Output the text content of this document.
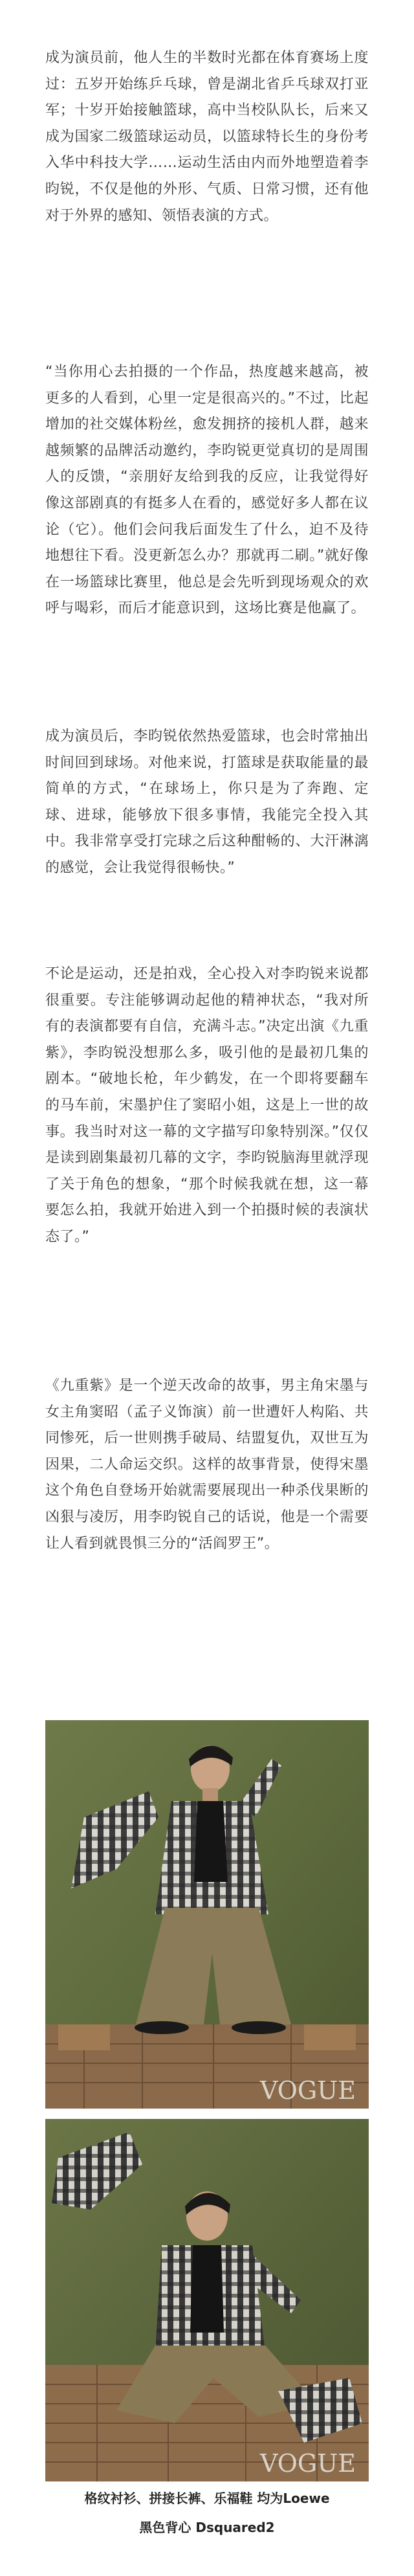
成为演员前，他人生的半数时光都在体育赛场上度过：五岁开始练乒乓球，曾是湖北省乒乓球双打亚军；十岁开始接触篮球，高中当校队队长，后来又成为国家二级篮球运动员，以篮球特长生的身份考入华中科技大学……运动生活由内而外地塑造着李昀锐，不仅是他的外形、气质、日常习惯，还有他对于外界的感知、领悟表演的方式。

“当你用心去拍摄的一个作品，热度越来越高，被更多的人看到，心里一定是很高兴的。”不过，比起增加的社交媒体粉丝，愈发拥挤的接机人群，越来越频繁的品牌活动邀约，李昀锐更觉真切的是周围人的反馈，“亲朋好友给到我的反应，让我觉得好像这部剧真的有挺多人在看的，感觉好多人都在议论（它）。他们会问我后面发生了什么，迫不及待地想往下看。没更新怎么办？那就再二刷。”就好像在一场篮球比赛里，他总是会先听到现场观众的欢呼与喝彩，而后才能意识到，这场比赛是他赢了。

成为演员后，李昀锐依然热爱篮球，也会时常抽出时间回到球场。对他来说，打篮球是获取能量的最简单的方式，“在球场上，你只是为了奔跑、定球、进球，能够放下很多事情，我能完全投入其中。我非常享受打完球之后这种酣畅的、大汗淋漓的感觉，会让我觉得很畅快。”

不论是运动，还是拍戏，全心投入对李昀锐来说都很重要。专注能够调动起他的精神状态，“我对所有的表演都要有自信，充满斗志。”决定出演《九重紫》，李昀锐没想那么多，吸引他的是最初几集的剧本。“破地长枪，年少鹤发，在一个即将要翻车的马车前，宋墨护住了窦昭小姐，这是上一世的故事。我当时对这一幕的文字描写印象特别深。”仅仅是读到剧集最初几幕的文字，李昀锐脑海里就浮现了关于角色的想象，“那个时候我就在想，这一幕要怎么拍，我就开始进入到一个拍摄时候的表演状态了。”

《九重紫》是一个逆天改命的故事，男主角宋墨与女主角窦昭（孟子义饰演）前一世遭奸人构陷、共同惨死，后一世则携手破局、结盟复仇，双世互为因果，二人命运交织。这样的故事背景，使得宋墨这个角色自登场开始就需要展现出一种杀伐果断的凶狠与凌厉，用李昀锐自己的话说，他是一个需要让人看到就畏惧三分的“活阎罗王”。

VOGUE
VOGUE

格纹衬衫、拼接长裤、乐福鞋 均为Loewe

黑色背心 Dsquared2
